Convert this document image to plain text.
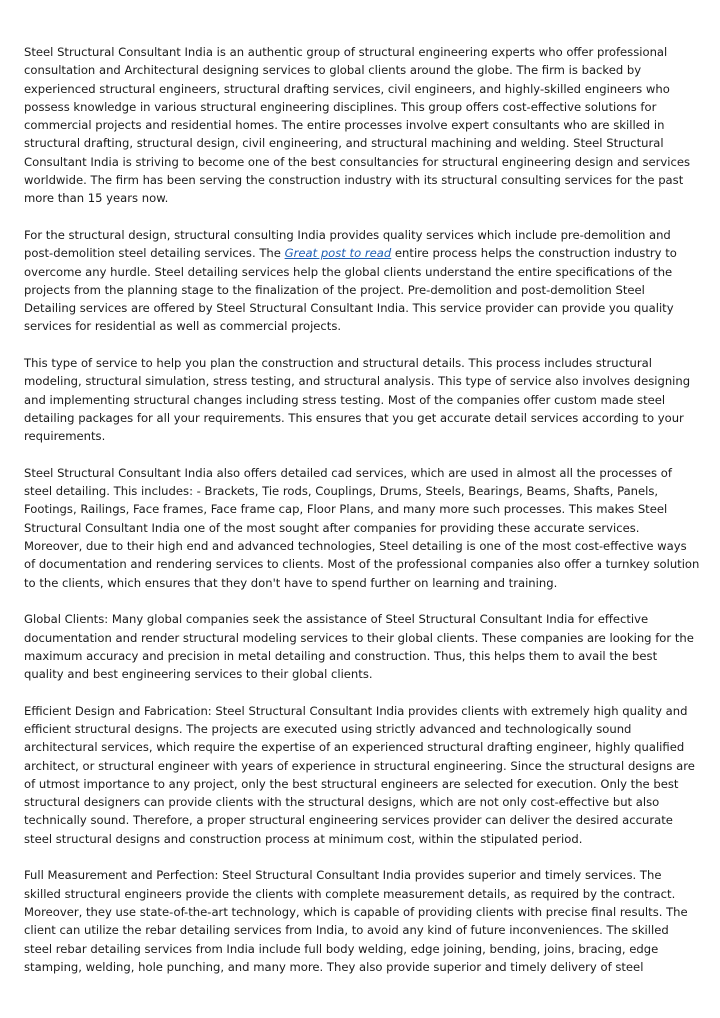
Steel Structural Consultant India is an authentic group of structural engineering experts who offer professional consultation and Architectural designing services to global clients around the globe. The firm is backed by experienced structural engineers, structural drafting services, civil engineers, and highly-skilled engineers who possess knowledge in various structural engineering disciplines. This group offers cost-effective solutions for commercial projects and residential homes. The entire processes involve expert consultants who are skilled in structural drafting, structural design, civil engineering, and structural machining and welding. Steel Structural Consultant India is striving to become one of the best consultancies for structural engineering design and services worldwide. The firm has been serving the construction industry with its structural consulting services for the past more than 15 years now.

For the structural design, structural consulting India provides quality services which include pre-demolition and post-demolition steel detailing services. The Great post to read entire process helps the construction industry to overcome any hurdle. Steel detailing services help the global clients understand the entire specifications of the projects from the planning stage to the finalization of the project. Pre-demolition and post-demolition Steel Detailing services are offered by Steel Structural Consultant India. This service provider can provide you quality services for residential as well as commercial projects.

This type of service to help you plan the construction and structural details. This process includes structural modeling, structural simulation, stress testing, and structural analysis. This type of service also involves designing and implementing structural changes including stress testing. Most of the companies offer custom made steel detailing packages for all your requirements. This ensures that you get accurate detail services according to your requirements.

Steel Structural Consultant India also offers detailed cad services, which are used in almost all the processes of steel detailing. This includes: - Brackets, Tie rods, Couplings, Drums, Steels, Bearings, Beams, Shafts, Panels, Footings, Railings, Face frames, Face frame cap, Floor Plans, and many more such processes. This makes Steel Structural Consultant India one of the most sought after companies for providing these accurate services. Moreover, due to their high end and advanced technologies, Steel detailing is one of the most cost-effective ways of documentation and rendering services to clients. Most of the professional companies also offer a turnkey solution to the clients, which ensures that they don't have to spend further on learning and training.

Global Clients: Many global companies seek the assistance of Steel Structural Consultant India for effective documentation and render structural modeling services to their global clients. These companies are looking for the maximum accuracy and precision in metal detailing and construction. Thus, this helps them to avail the best quality and best engineering services to their global clients.

Efficient Design and Fabrication: Steel Structural Consultant India provides clients with extremely high quality and efficient structural designs. The projects are executed using strictly advanced and technologically sound architectural services, which require the expertise of an experienced structural drafting engineer, highly qualified architect, or structural engineer with years of experience in structural engineering. Since the structural designs are of utmost importance to any project, only the best structural engineers are selected for execution. Only the best structural designers can provide clients with the structural designs, which are not only cost-effective but also technically sound. Therefore, a proper structural engineering services provider can deliver the desired accurate steel structural designs and construction process at minimum cost, within the stipulated period.

Full Measurement and Perfection: Steel Structural Consultant India provides superior and timely services. The skilled structural engineers provide the clients with complete measurement details, as required by the contract. Moreover, they use state-of-the-art technology, which is capable of providing clients with precise final results. The client can utilize the rebar detailing services from India, to avoid any kind of future inconveniences. The skilled steel rebar detailing services from India include full body welding, edge joining, bending, joins, bracing, edge stamping, welding, hole punching, and many more. They also provide superior and timely delivery of steel
